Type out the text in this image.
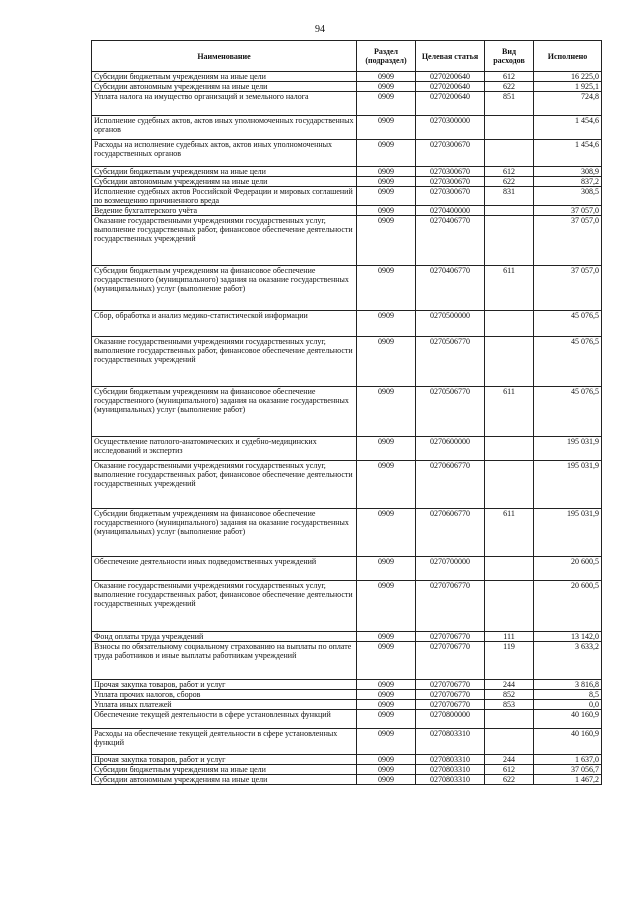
94
Наименование	Раздел (подраздел)	Целевая статья	Вид расходов	Исполнено
Субсидии бюджетным учреждениям на иные цели	0909	0270200640	612	16 225,0
Субсидии автономным учреждениям на иные цели	0909	0270200640	622	1 925,1
Уплата налога на имущество организаций и земельного налога	0909	0270200640	851	724,8
Исполнение судебных актов, актов иных уполномоченных государственных органов	0909	0270300000		1 454,6
Расходы на исполнение судебных актов, актов иных уполномоченных государственных органов	0909	0270300670		1 454,6
Субсидии бюджетным учреждениям на иные цели	0909	0270300670	612	308,9
Субсидии автономным учреждениям на иные цели	0909	0270300670	622	837,2
Исполнение судебных актов Российской Федерации и мировых соглашений по возмещению причиненного вреда	0909	0270300670	831	308,5
Ведение бухгалтерского учёта	0909	0270400000		37 057,0
Оказание государственными учреждениями государственных услуг, выполнение государственных работ, финансовое обеспечение деятельности государственных учреждений	0909	0270406770		37 057,0
Субсидии бюджетным учреждениям на финансовое обеспечение государственного (муниципального) задания на оказание государственных (муниципальных) услуг (выполнение работ)	0909	0270406770	611	37 057,0
Сбор, обработка и анализ медико-статистической информации	0909	0270500000		45 076,5
Оказание государственными учреждениями государственных услуг, выполнение государственных работ, финансовое обеспечение деятельности государственных учреждений	0909	0270506770		45 076,5
Субсидии бюджетным учреждениям на финансовое обеспечение государственного (муниципального) задания на оказание государственных (муниципальных) услуг (выполнение работ)	0909	0270506770	611	45 076,5
Осуществление патолого-анатомических и судебно-медицинских исследований и экспертиз	0909	0270600000		195 031,9
Оказание государственными учреждениями государственных услуг, выполнение государственных работ, финансовое обеспечение деятельности государственных учреждений	0909	0270606770		195 031,9
Субсидии бюджетным учреждениям на финансовое обеспечение государственного (муниципального) задания на оказание государственных (муниципальных) услуг (выполнение работ)	0909	0270606770	611	195 031,9
Обеспечение деятельности иных подведомственных учреждений	0909	0270700000		20 600,5
Оказание государственными учреждениями государственных услуг, выполнение государственных работ, финансовое обеспечение деятельности государственных учреждений	0909	0270706770		20 600,5
Фонд оплаты труда учреждений	0909	0270706770	111	13 142,0
Взносы по обязательному социальному страхованию на выплаты по оплате труда работников и иные выплаты работникам учреждений	0909	0270706770	119	3 633,2
Прочая закупка товаров, работ и услуг	0909	0270706770	244	3 816,8
Уплата прочих налогов, сборов	0909	0270706770	852	8,5
Уплата иных платежей	0909	0270706770	853	0,0
Обеспечение текущей деятельности в сфере установленных функций	0909	0270800000		40 160,9
Расходы на обеспечение текущей деятельности в сфере установленных функций	0909	0270803310		40 160,9
Прочая закупка товаров, работ и услуг	0909	0270803310	244	1 637,0
Субсидии бюджетным учреждениям на иные цели	0909	0270803310	612	37 056,7
Субсидии автономным учреждениям на иные цели	0909	0270803310	622	1 467,2
